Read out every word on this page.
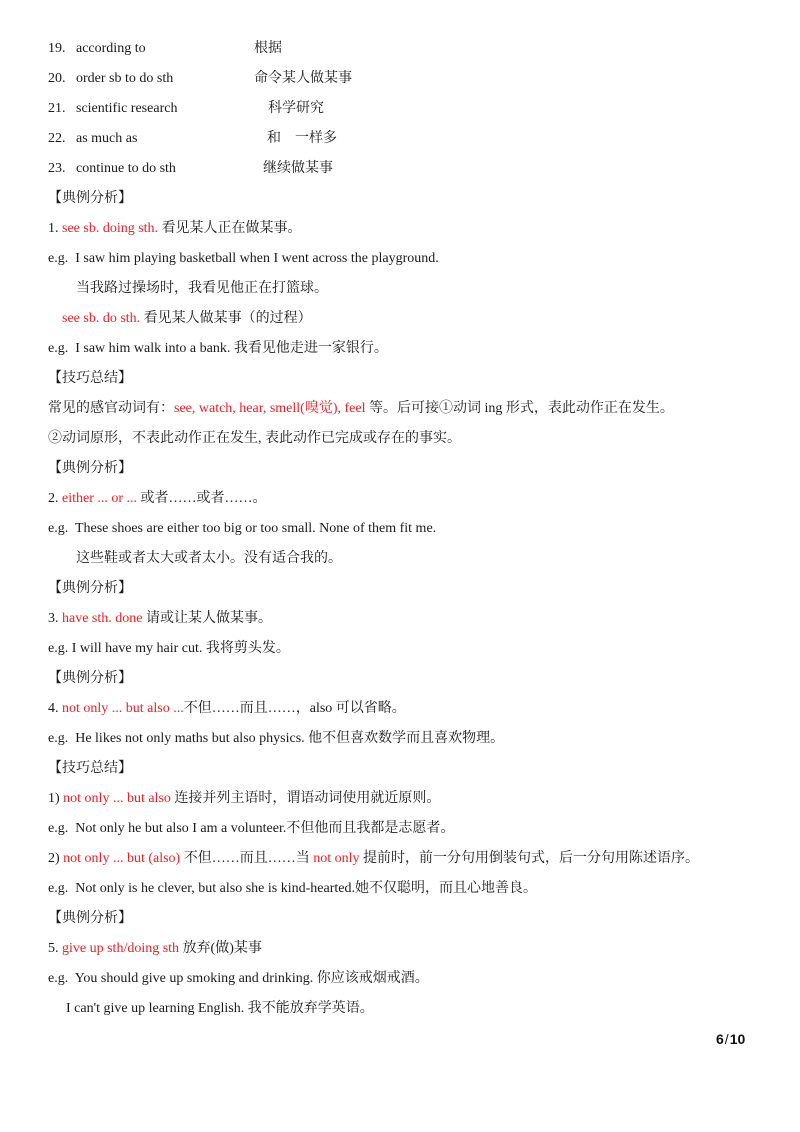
19. according to	根据
20. order sb to do sth	命令某人做某事
21. scientific research	科学研究
22. as much as	和　一样多
23. continue to do sth	继续做某事
【典例分析】
1. see sb. doing sth. 看见某人正在做某事。
e.g. I saw him playing basketball when I went across the playground.
当我路过操场时，我看见他正在打篮球。
see sb. do sth. 看见某人做某事（的过程）
e.g. I saw him walk into a bank. 我看见他走进一家银行。
【技巧总结】
常见的感官动词有：see, watch, hear, smell(嗅觉), feel 等。后可接①动词 ing 形式，表此动作正在发生。
②动词原形，不表此动作正在发生, 表此动作已完成或存在的事实。
【典例分析】
2. either ... or ... 或者……或者……。
e.g. These shoes are either too big or too small. None of them fit me.
这些鞋或者太大或者太小。没有适合我的。
【典例分析】
3. have sth. done 请或让某人做某事。
e.g. I will have my hair cut. 我将剪头发。
【典例分析】
4. not only ... but also ...不但……而且……，also 可以省略。
e.g. He likes not only maths but also physics. 他不但喜欢数学而且喜欢物理。
【技巧总结】
1) not only ... but also 连接并列主语时，谓语动词使用就近原则。
e.g. Not only he but also I am a volunteer.不但他而且我都是志愿者。
2) not only ... but (also) 不但……而且……当 not only 提前时，前一分句用倒装句式，后一分句用陈述语序。
e.g. Not only is he clever, but also she is kind-hearted.她不仅聪明，而且心地善良。
【典例分析】
5. give up sth/doing sth 放弃(做)某事
e.g. You should give up smoking and drinking. 你应该戒烟戒酒。
I can't give up learning English. 我不能放弃学英语。
6/10
